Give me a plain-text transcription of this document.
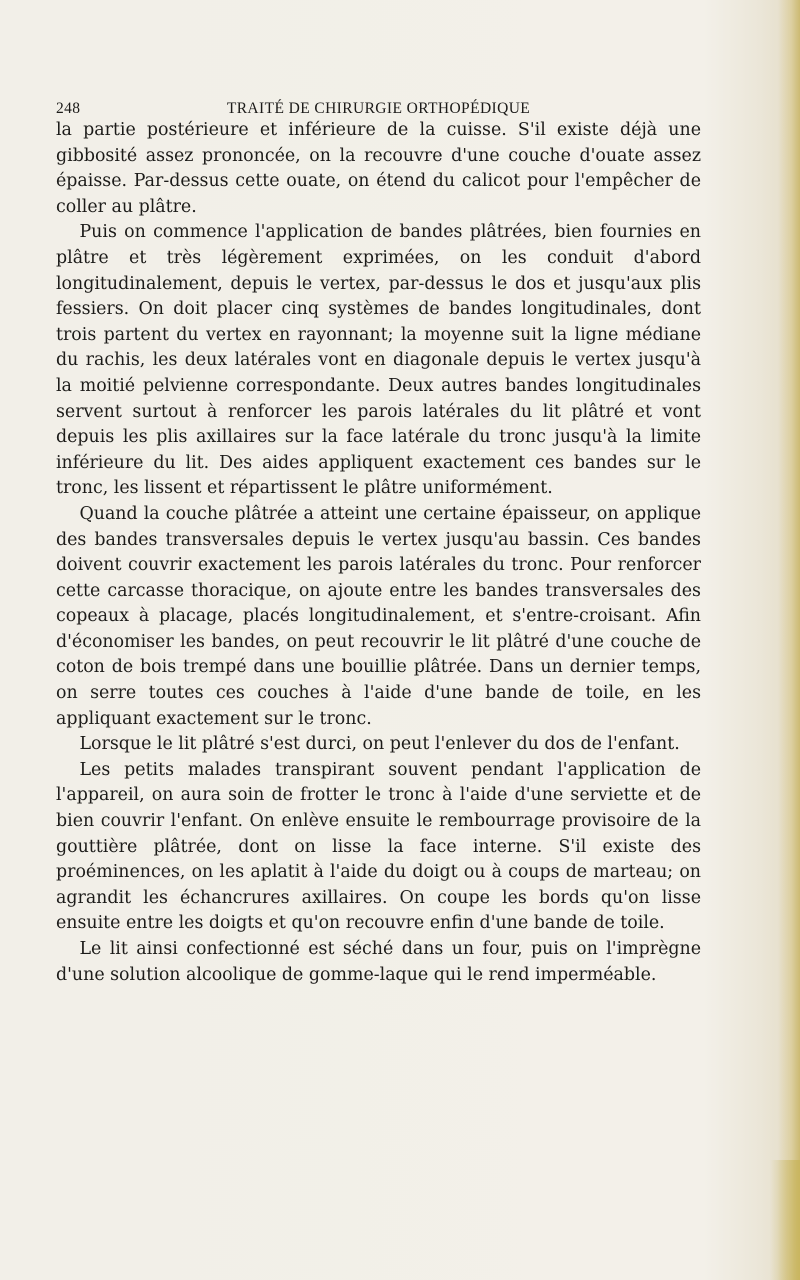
248	TRAITÉ DE CHIRURGIE ORTHOPÉDIQUE

la partie postérieure et inférieure de la cuisse. S'il existe déjà une gibbosité assez prononcée, on la recouvre d'une couche d'ouate assez épaisse. Par-dessus cette ouate, on étend du calicot pour l'empêcher de coller au plâtre.

Puis on commence l'application de bandes plâtrées, bien fournies en plâtre et très légèrement exprimées, on les conduit d'abord longitudinalement, depuis le vertex, par-dessus le dos et jusqu'aux plis fessiers. On doit placer cinq systèmes de bandes longitudinales, dont trois partent du vertex en rayonnant; la moyenne suit la ligne médiane du rachis, les deux latérales vont en diagonale depuis le vertex jusqu'à la moitié pelvienne correspondante. Deux autres bandes longitudinales servent surtout à renforcer les parois latérales du lit plâtré et vont depuis les plis axillaires sur la face latérale du tronc jusqu'à la limite inférieure du lit. Des aides appliquent exactement ces bandes sur le tronc, les lissent et répartissent le plâtre uniformément.

Quand la couche plâtrée a atteint une certaine épaisseur, on applique des bandes transversales depuis le vertex jusqu'au bassin. Ces bandes doivent couvrir exactement les parois latérales du tronc. Pour renforcer cette carcasse thoracique, on ajoute entre les bandes transversales des copeaux à placage, placés longitudinalement, et s'entre-croisant. Afin d'économiser les bandes, on peut recouvrir le lit plâtré d'une couche de coton de bois trempé dans une bouillie plâtrée. Dans un dernier temps, on serre toutes ces couches à l'aide d'une bande de toile, en les appliquant exactement sur le tronc.

Lorsque le lit plâtré s'est durci, on peut l'enlever du dos de l'enfant.

Les petits malades transpirant souvent pendant l'application de l'appareil, on aura soin de frotter le tronc à l'aide d'une serviette et de bien couvrir l'enfant. On enlève ensuite le rembourrage provisoire de la gouttière plâtrée, dont on lisse la face interne. S'il existe des proéminences, on les aplatit à l'aide du doigt ou à coups de marteau; on agrandit les échancrures axillaires. On coupe les bords qu'on lisse ensuite entre les doigts et qu'on recouvre enfin d'une bande de toile.

Le lit ainsi confectionné est séché dans un four, puis on l'imprègne d'une solution alcoolique de gomme-laque qui le rend imperméable.
